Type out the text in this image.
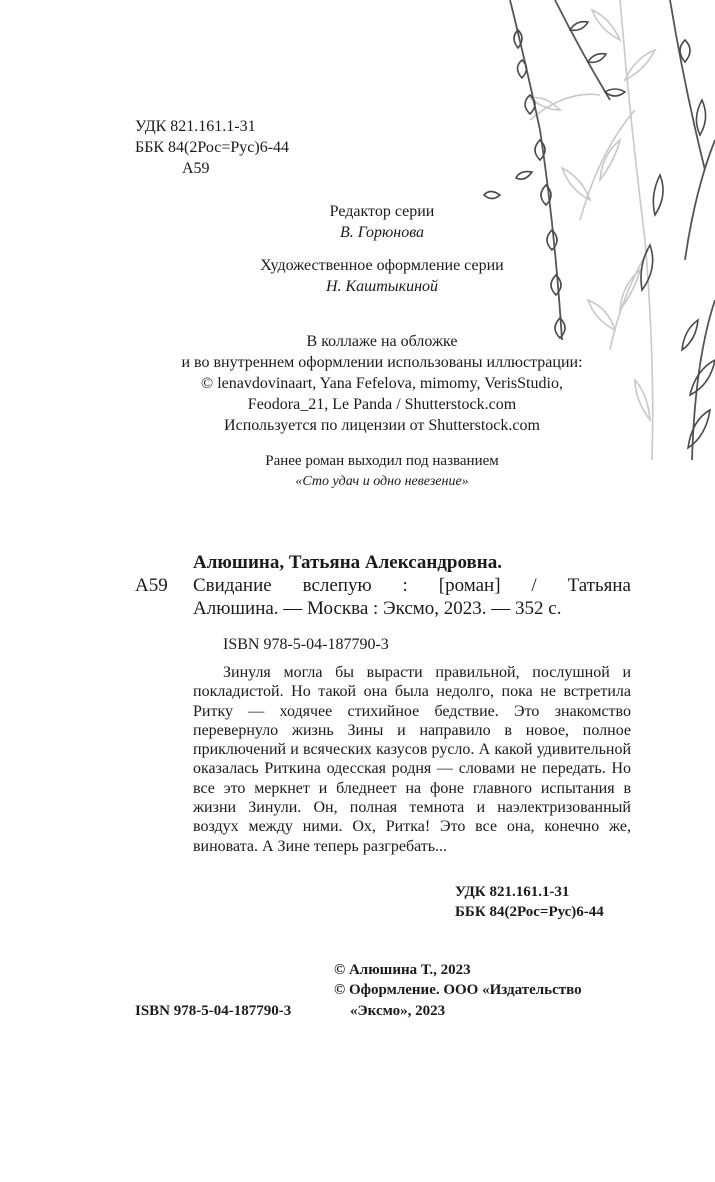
УДК 821.161.1-31
ББК 84(2Рос=Рус)6-44
А59
Редактор серии
В. Горюнова
Художественное оформление серии
Н. Каштыкиной
В коллаже на обложке
и во внутреннем оформлении использованы иллюстрации:
© lenavdovinaart, Yana Fefelova, mimomy, VerisStudio,
Feodora_21, Le Panda / Shutterstock.com
Используется по лицензии от Shutterstock.com
Ранее роман выходил под названием
«Сто удач и одно невезение»
Алюшина, Татьяна Александровна.
А59 Свидание вслепую : [роман] / Татьяна
Алюшина. — Москва : Эксмо, 2023. — 352 с.
ISBN 978-5-04-187790-3

Зинуля могла бы вырасти правильной, послушной и покладистой. Но такой она была недолго, пока не встретила Ритку — ходячее стихийное бедствие. Это знакомство перевернуло жизнь Зины и направило в новое, полное приключений и всяческих казусов русло. А какой удивительной оказалась Риткина одесская родня — словами не передать. Но все это меркнет и бледнеет на фоне главного испытания в жизни Зинули. Он, полная темнота и наэлектризованный воздух между ними. Ох, Ритка! Это все она, конечно же, виновата. А Зине теперь разгребать...

УДК 821.161.1-31
ББК 84(2Рос=Рус)6-44
© Алюшина Т., 2023
© Оформление. ООО «Издательство
«Эксмо», 2023
ISBN 978-5-04-187790-3
